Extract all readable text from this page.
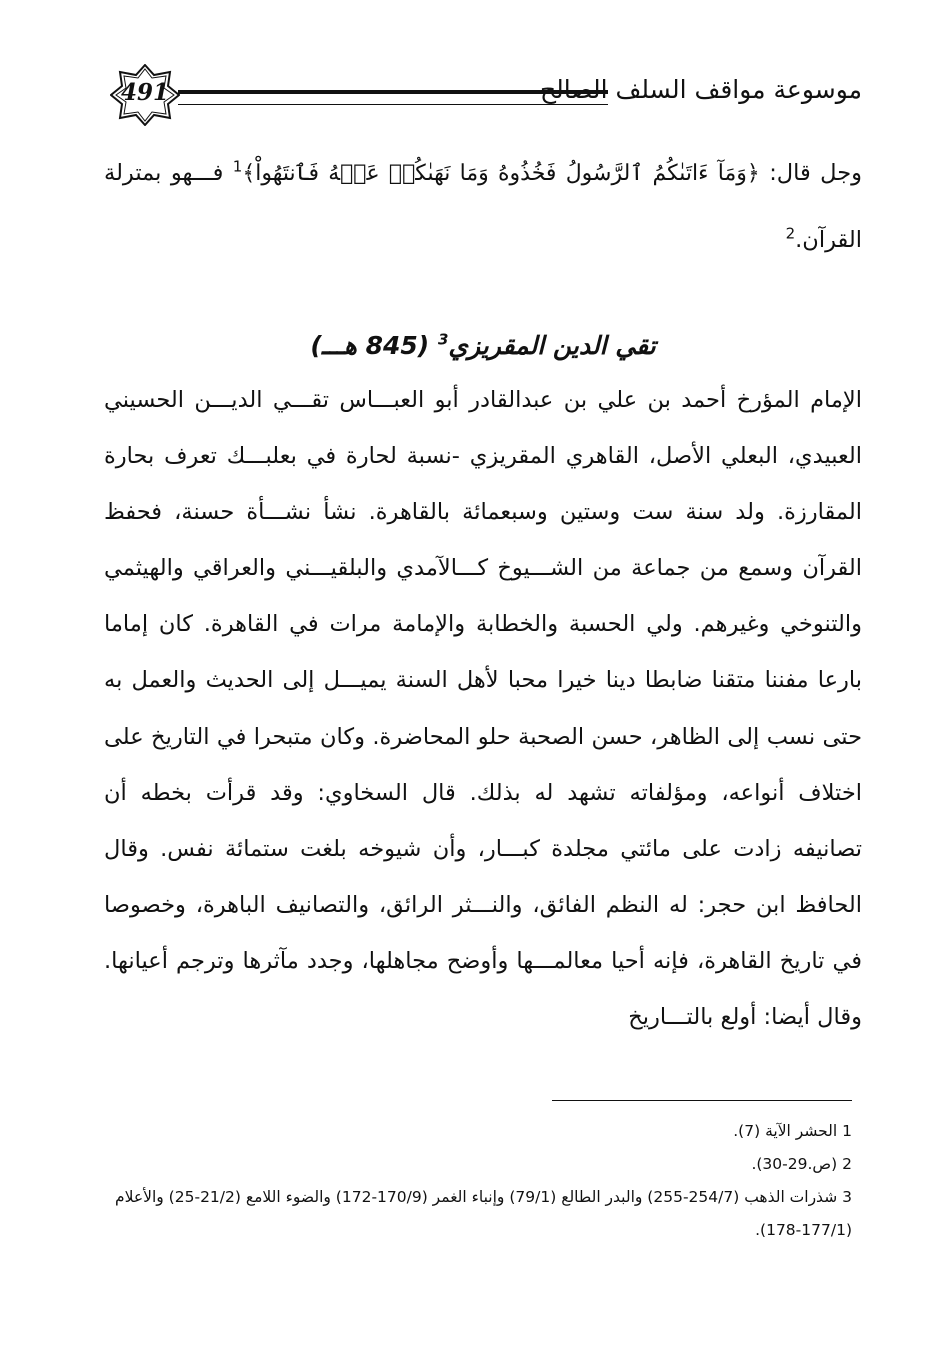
491	موسوعة مواقف السلف الصالح
وجل قال: ﴿وَمَآ ءَاتَىٰكُمُ ٱلرَّسُولُ فَخُذُوهُ وَمَا نَهَىٰكُمۡ عَنۡهُ فَٱنتَهُواْ﴾$^1$ فـــهو بمترلة القرآن.$^2$
تقي الدين المقريزي$^3$ (845 هـــ)
الإمام المؤرخ أحمد بن علي بن عبدالقادر أبو العبـــاس تقـــي الديـــن الحسيني العبيدي، البعلي الأصل، القاهري المقريزي -نسبة لحارة في بعلبـــك تعرف بحارة المقارزة. ولد سنة ست وستين وسبعمائة بالقاهرة. نشأ نشـــأة حسنة، فحفظ القرآن وسمع من جماعة من الشـــيوخ كـــالآمدي والبلقيـــني والعراقي والهيثمي والتنوخي وغيرهم. ولي الحسبة والخطابة والإمامة مرات في القاهرة. كان إماما بارعا مفننا متقنا ضابطا دينا خيرا محبا لأهل السنة يميـــل إلى الحديث والعمل به حتى نسب إلى الظاهر، حسن الصحبة حلو المحاضرة. وكان متبحرا في التاريخ على اختلاف أنواعه، ومؤلفاته تشهد له بذلك. قال السخاوي: وقد قرأت بخطه أن تصانيفه زادت على مائتي مجلدة كبـــار، وأن شيوخه بلغت ستمائة نفس. وقال الحافظ ابن حجر: له النظم الفائق، والنـــثر الرائق، والتصانيف الباهرة، وخصوصا في تاريخ القاهرة، فإنه أحيا معالمـــها وأوضح مجاهلها، وجدد مآثرها وترجم أعيانها. وقال أيضا: أولع بالتـــاريخ
1 الحشر الآية (7).
2 (ص.29-30).
3 شذرات الذهب (254/7-255) والبدر الطالع (79/1) وإنباء الغمر (170/9-172) والضوء اللامع (21/2-25) والأعلام (177/1-178).
